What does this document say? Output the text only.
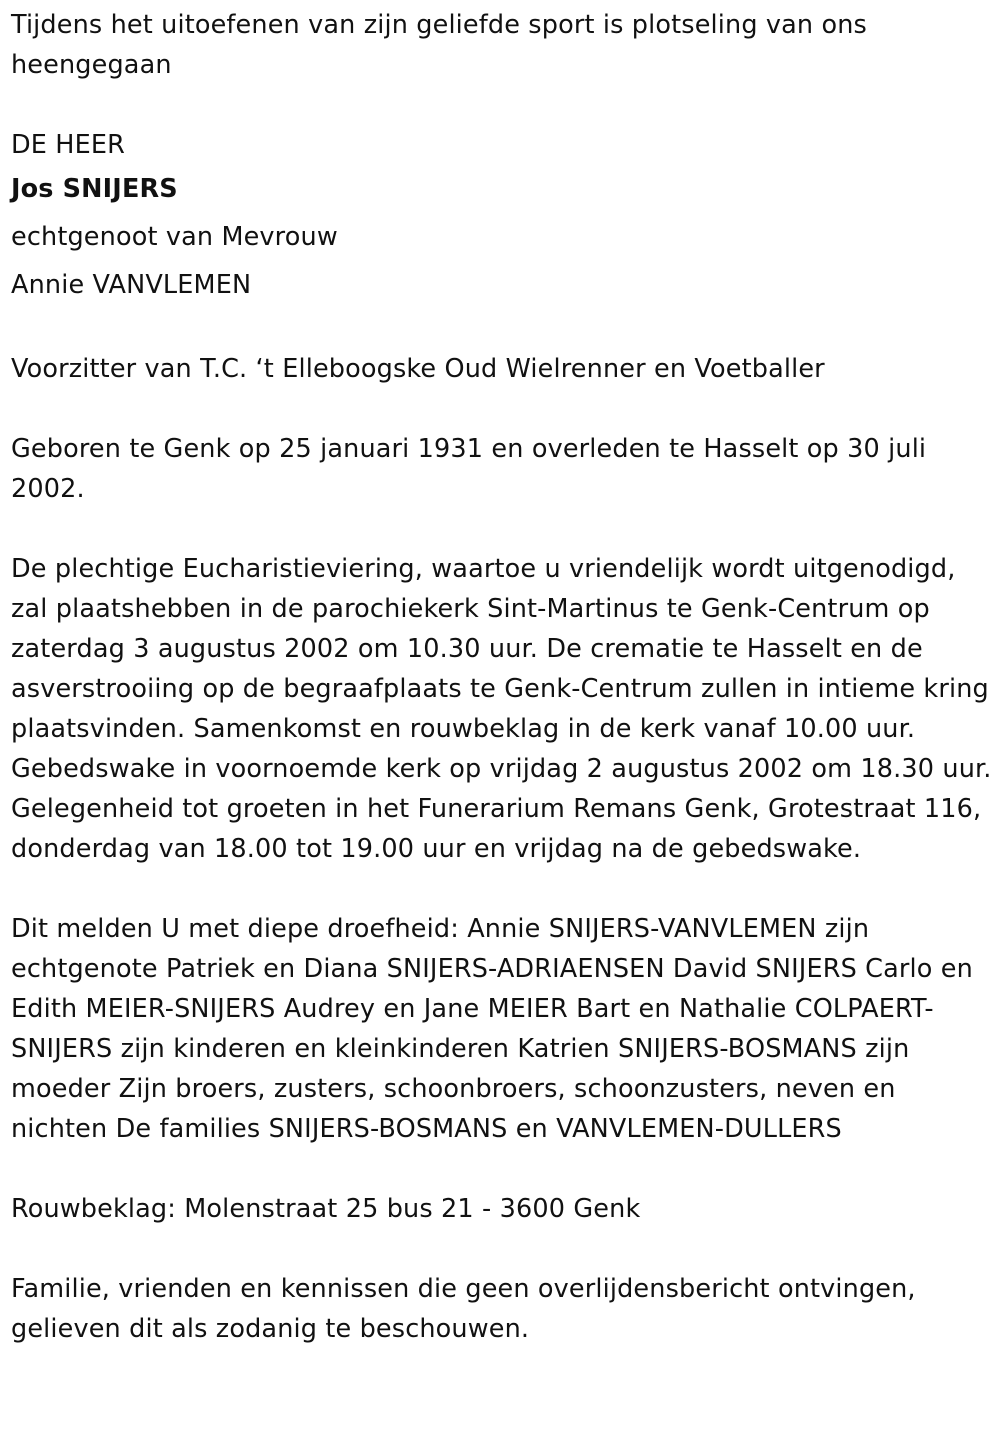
Tijdens het uitoefenen van zijn geliefde sport is plotseling van ons heengegaan

DE HEER

Jos SNIJERS

echtgenoot van Mevrouw

Annie VANVLEMEN

Voorzitter van T.C. ‘t Elleboogske Oud Wielrenner en Voetballer

Geboren te Genk op 25 januari 1931 en overleden te Hasselt op 30 juli 2002.

De plechtige Eucharistieviering, waartoe u vriendelijk wordt uitgenodigd, zal plaatshebben in de parochiekerk Sint-Martinus te Genk-Centrum op zaterdag 3 augustus 2002 om 10.30 uur. De crematie te Hasselt en de asverstrooiing op de begraafplaats te Genk-Centrum zullen in intieme kring plaatsvinden. Samenkomst en rouwbeklag in de kerk vanaf 10.00 uur. Gebedswake in voornoemde kerk op vrijdag 2 augustus 2002 om 18.30 uur. Gelegenheid tot groeten in het Funerarium Remans Genk, Grotestraat 116, donderdag van 18.00 tot 19.00 uur en vrijdag na de gebedswake.

Dit melden U met diepe droefheid: Annie SNIJERS-VANVLEMEN zijn echtgenote Patriek en Diana SNIJERS-ADRIAENSEN David SNIJERS Carlo en Edith MEIER-SNIJERS Audrey en Jane MEIER Bart en Nathalie COLPAERT-SNIJERS zijn kinderen en kleinkinderen Katrien SNIJERS-BOSMANS zijn moeder Zijn broers, zusters, schoonbroers, schoonzusters, neven en nichten De families SNIJERS-BOSMANS en VANVLEMEN-DULLERS

Rouwbeklag: Molenstraat 25 bus 21 - 3600 Genk

Familie, vrienden en kennissen die geen overlijdensbericht ontvingen, gelieven dit als zodanig te beschouwen.
